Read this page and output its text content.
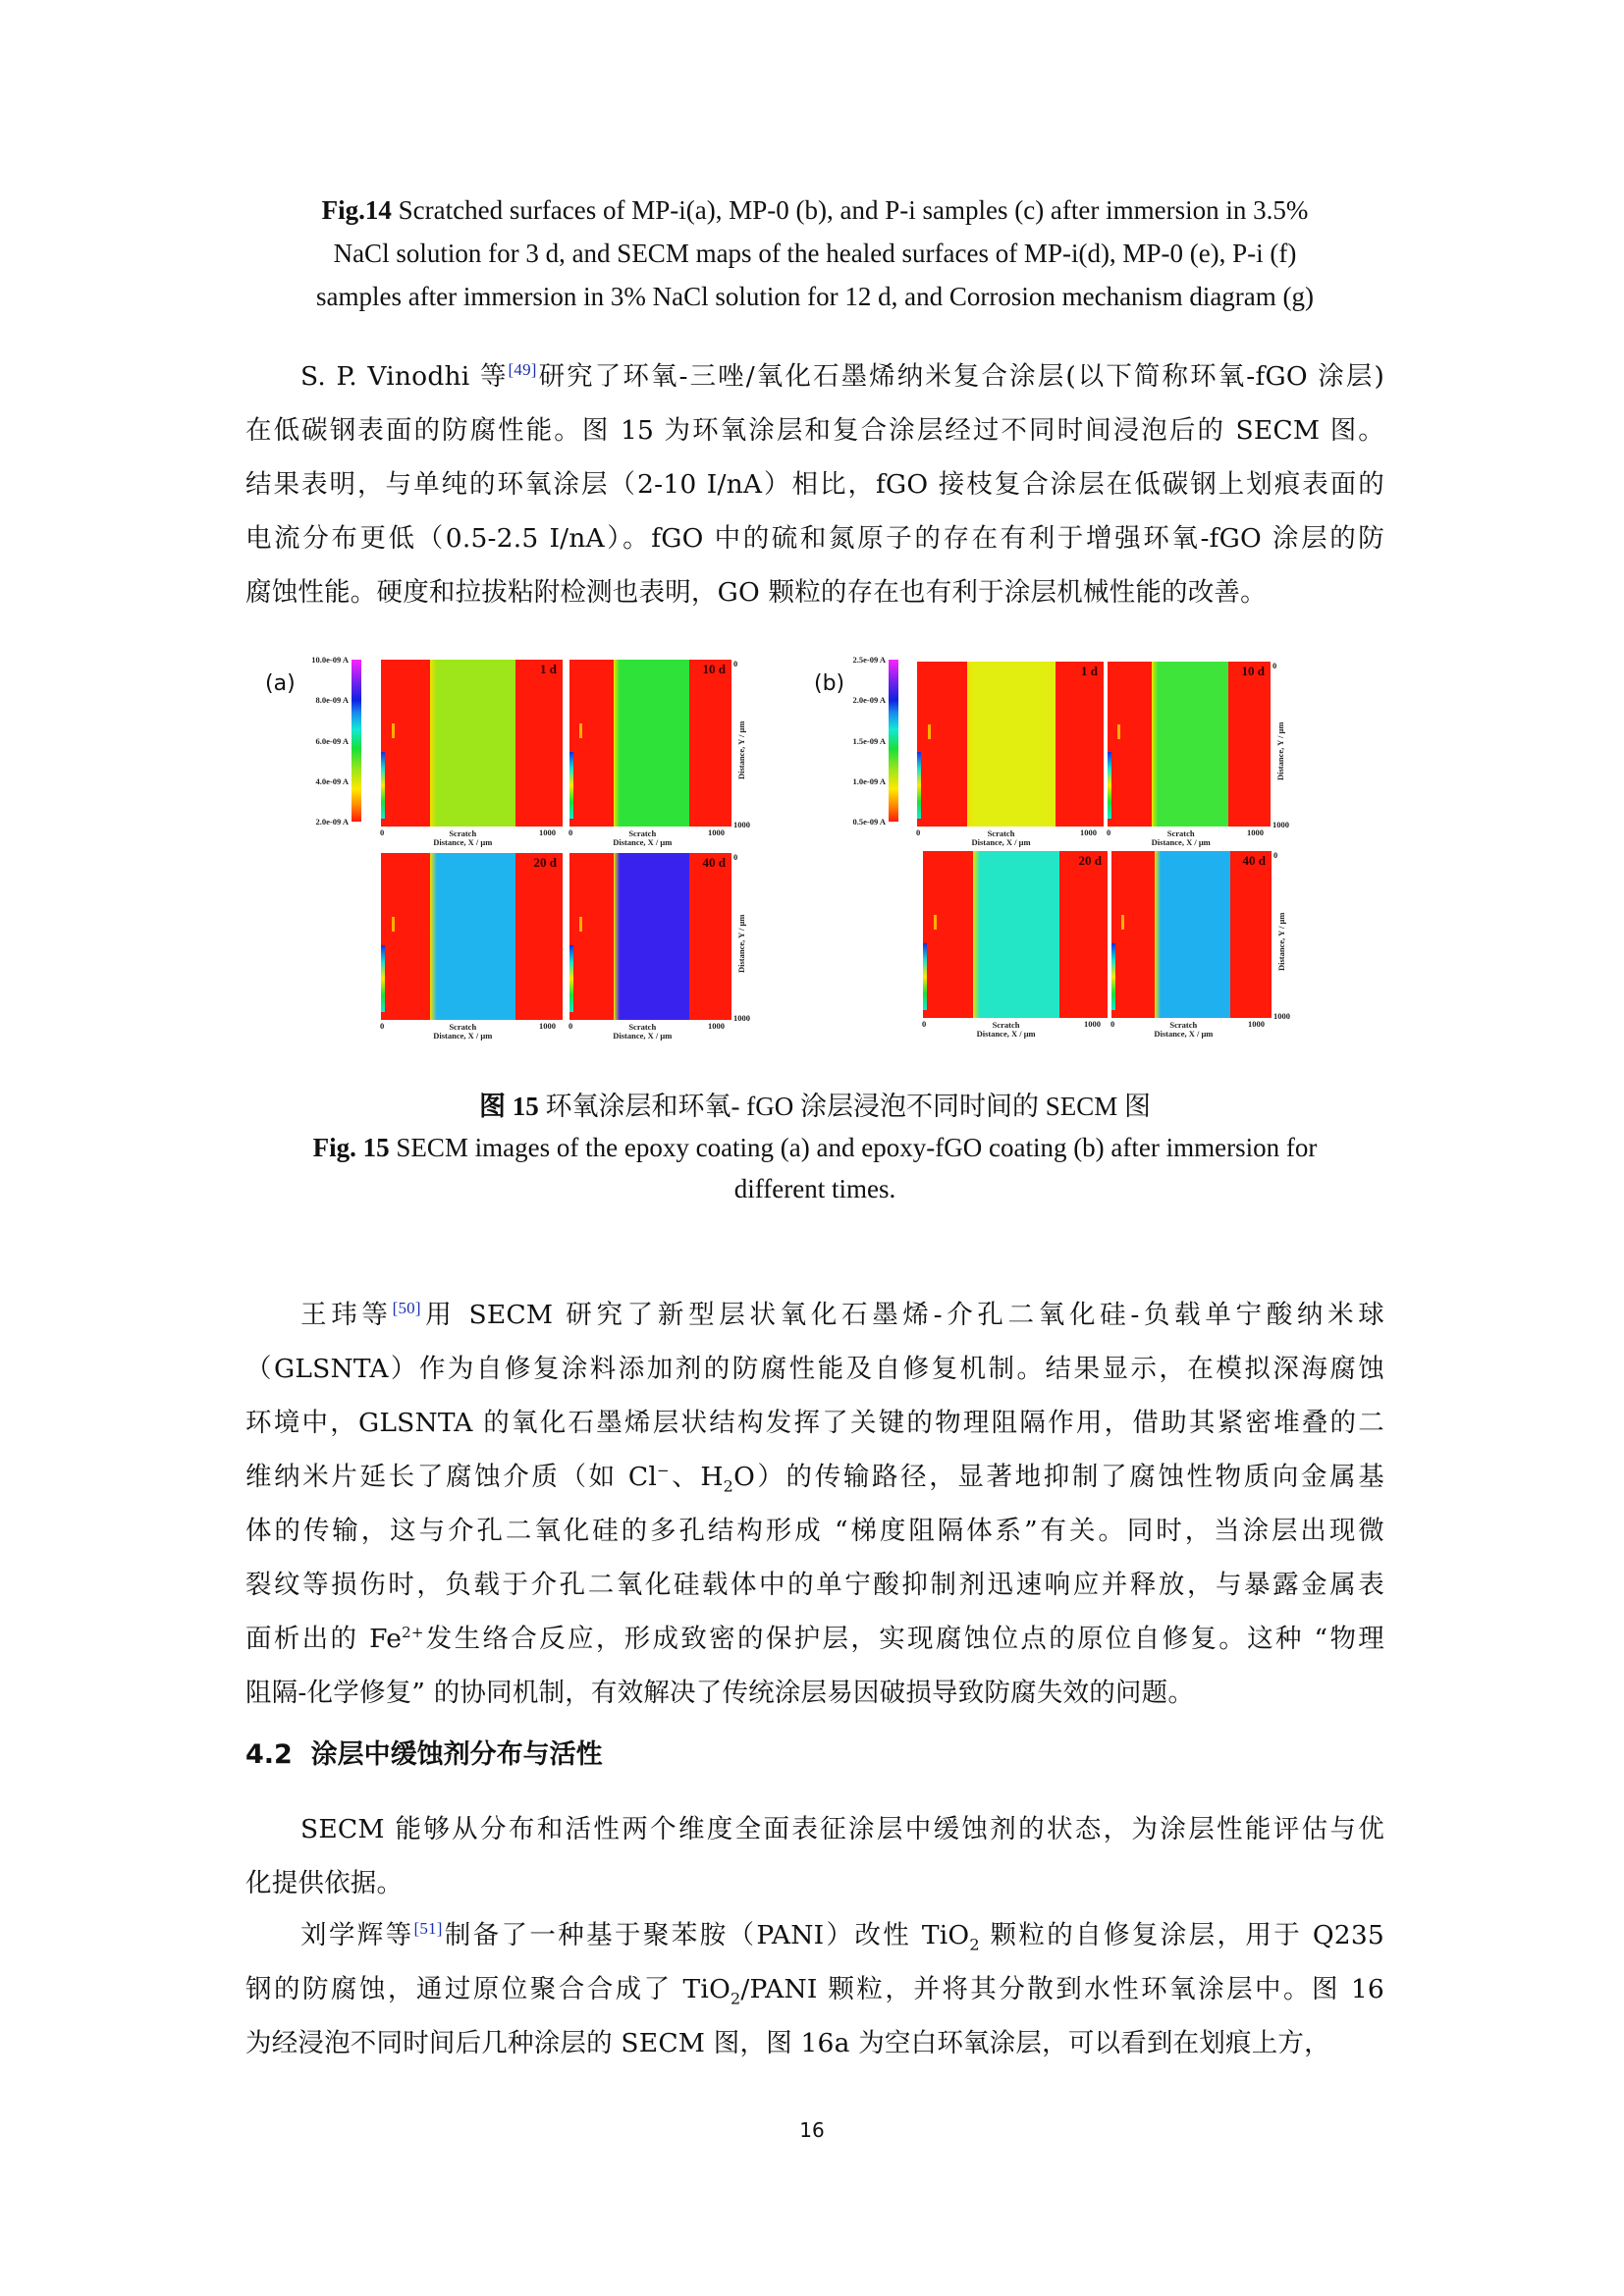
Fig.14 Scratched surfaces of MP-i(a), MP-0 (b), and P-i samples (c) after immersion in 3.5%
NaCl solution for 3 d, and SECM maps of the healed surfaces of MP-i(d), MP-0 (e), P-i (f)
samples after immersion in 3% NaCl solution for 12 d, and Corrosion mechanism diagram (g)
S. P. Vinodhi 等[49]研究了环氧-三唑/氧化石墨烯纳米复合涂层(以下简称环氧-fGO 涂层)
在低碳钢表面的防腐性能。图 15 为环氧涂层和复合涂层经过不同时间浸泡后的 SECM 图。
结果表明，与单纯的环氧涂层（2-10 I/nA）相比，fGO 接枝复合涂层在低碳钢上划痕表面的
电流分布更低（0.5-2.5 I/nA）。fGO 中的硫和氮原子的存在有利于增强环氧-fGO 涂层的防
腐蚀性能。硬度和拉拔粘附检测也表明，GO 颗粒的存在也有利于涂层机械性能的改善。
(a)
10.0e-09 A
8.0e-09 A
6.0e-09 A
4.0e-09 A
2.0e-09 A
1 d
0	1000
Scratch
Distance, X / μm
10 d
0	1000
Scratch
Distance, X / μm
0
1000
Distance, Y / μm
20 d
0	1000
Scratch
Distance, X / μm
40 d
0	1000
Scratch
Distance, X / μm
0
1000
Distance, Y / μm
(b)
2.5e-09 A
2.0e-09 A
1.5e-09 A
1.0e-09 A
0.5e-09 A
1 d
0	1000
Scratch
Distance, X / μm
10 d
0	1000
Scratch
Distance, X / μm
0
1000
Distance, Y / μm
20 d
0	1000
Scratch
Distance, X / μm
40 d
0	1000
Scratch
Distance, X / μm
0
1000
Distance, Y / μm
图 15 环氧涂层和环氧- fGO 涂层浸泡不同时间的 SECM 图
Fig. 15 SECM images of the epoxy coating (a) and epoxy-fGO coating (b) after immersion for
different times.
王玮等[50]用 SECM 研究了新型层状氧化石墨烯-介孔二氧化硅-负载单宁酸纳米球
（GLSNTA）作为自修复涂料添加剂的防腐性能及自修复机制。结果显示，在模拟深海腐蚀
环境中，GLSNTA 的氧化石墨烯层状结构发挥了关键的物理阻隔作用，借助其紧密堆叠的二
维纳米片延长了腐蚀介质（如 Cl−、$H_2O$）的传输路径，显著地抑制了腐蚀性物质向金属基
体的传输，这与介孔二氧化硅的多孔结构形成 “梯度阻隔体系”有关。同时，当涂层出现微
裂纹等损伤时，负载于介孔二氧化硅载体中的单宁酸抑制剂迅速响应并释放，与暴露金属表
面析出的 $Fe^{2+}$发生络合反应，形成致密的保护层，实现腐蚀位点的原位自修复。这种 “物理
阻隔-化学修复” 的协同机制，有效解决了传统涂层易因破损导致防腐失效的问题。
4.2 涂层中缓蚀剂分布与活性
SECM 能够从分布和活性两个维度全面表征涂层中缓蚀剂的状态，为涂层性能评估与优
化提供依据。
刘学辉等[51]制备了一种基于聚苯胺（PANI）改性 TiO$_2$ 颗粒的自修复涂层，用于 Q235
钢的防腐蚀，通过原位聚合合成了 TiO$_2$/PANI 颗粒，并将其分散到水性环氧涂层中。图 16
为经浸泡不同时间后几种涂层的 SECM 图，图 16a 为空白环氧涂层，可以看到在划痕上方，
16
